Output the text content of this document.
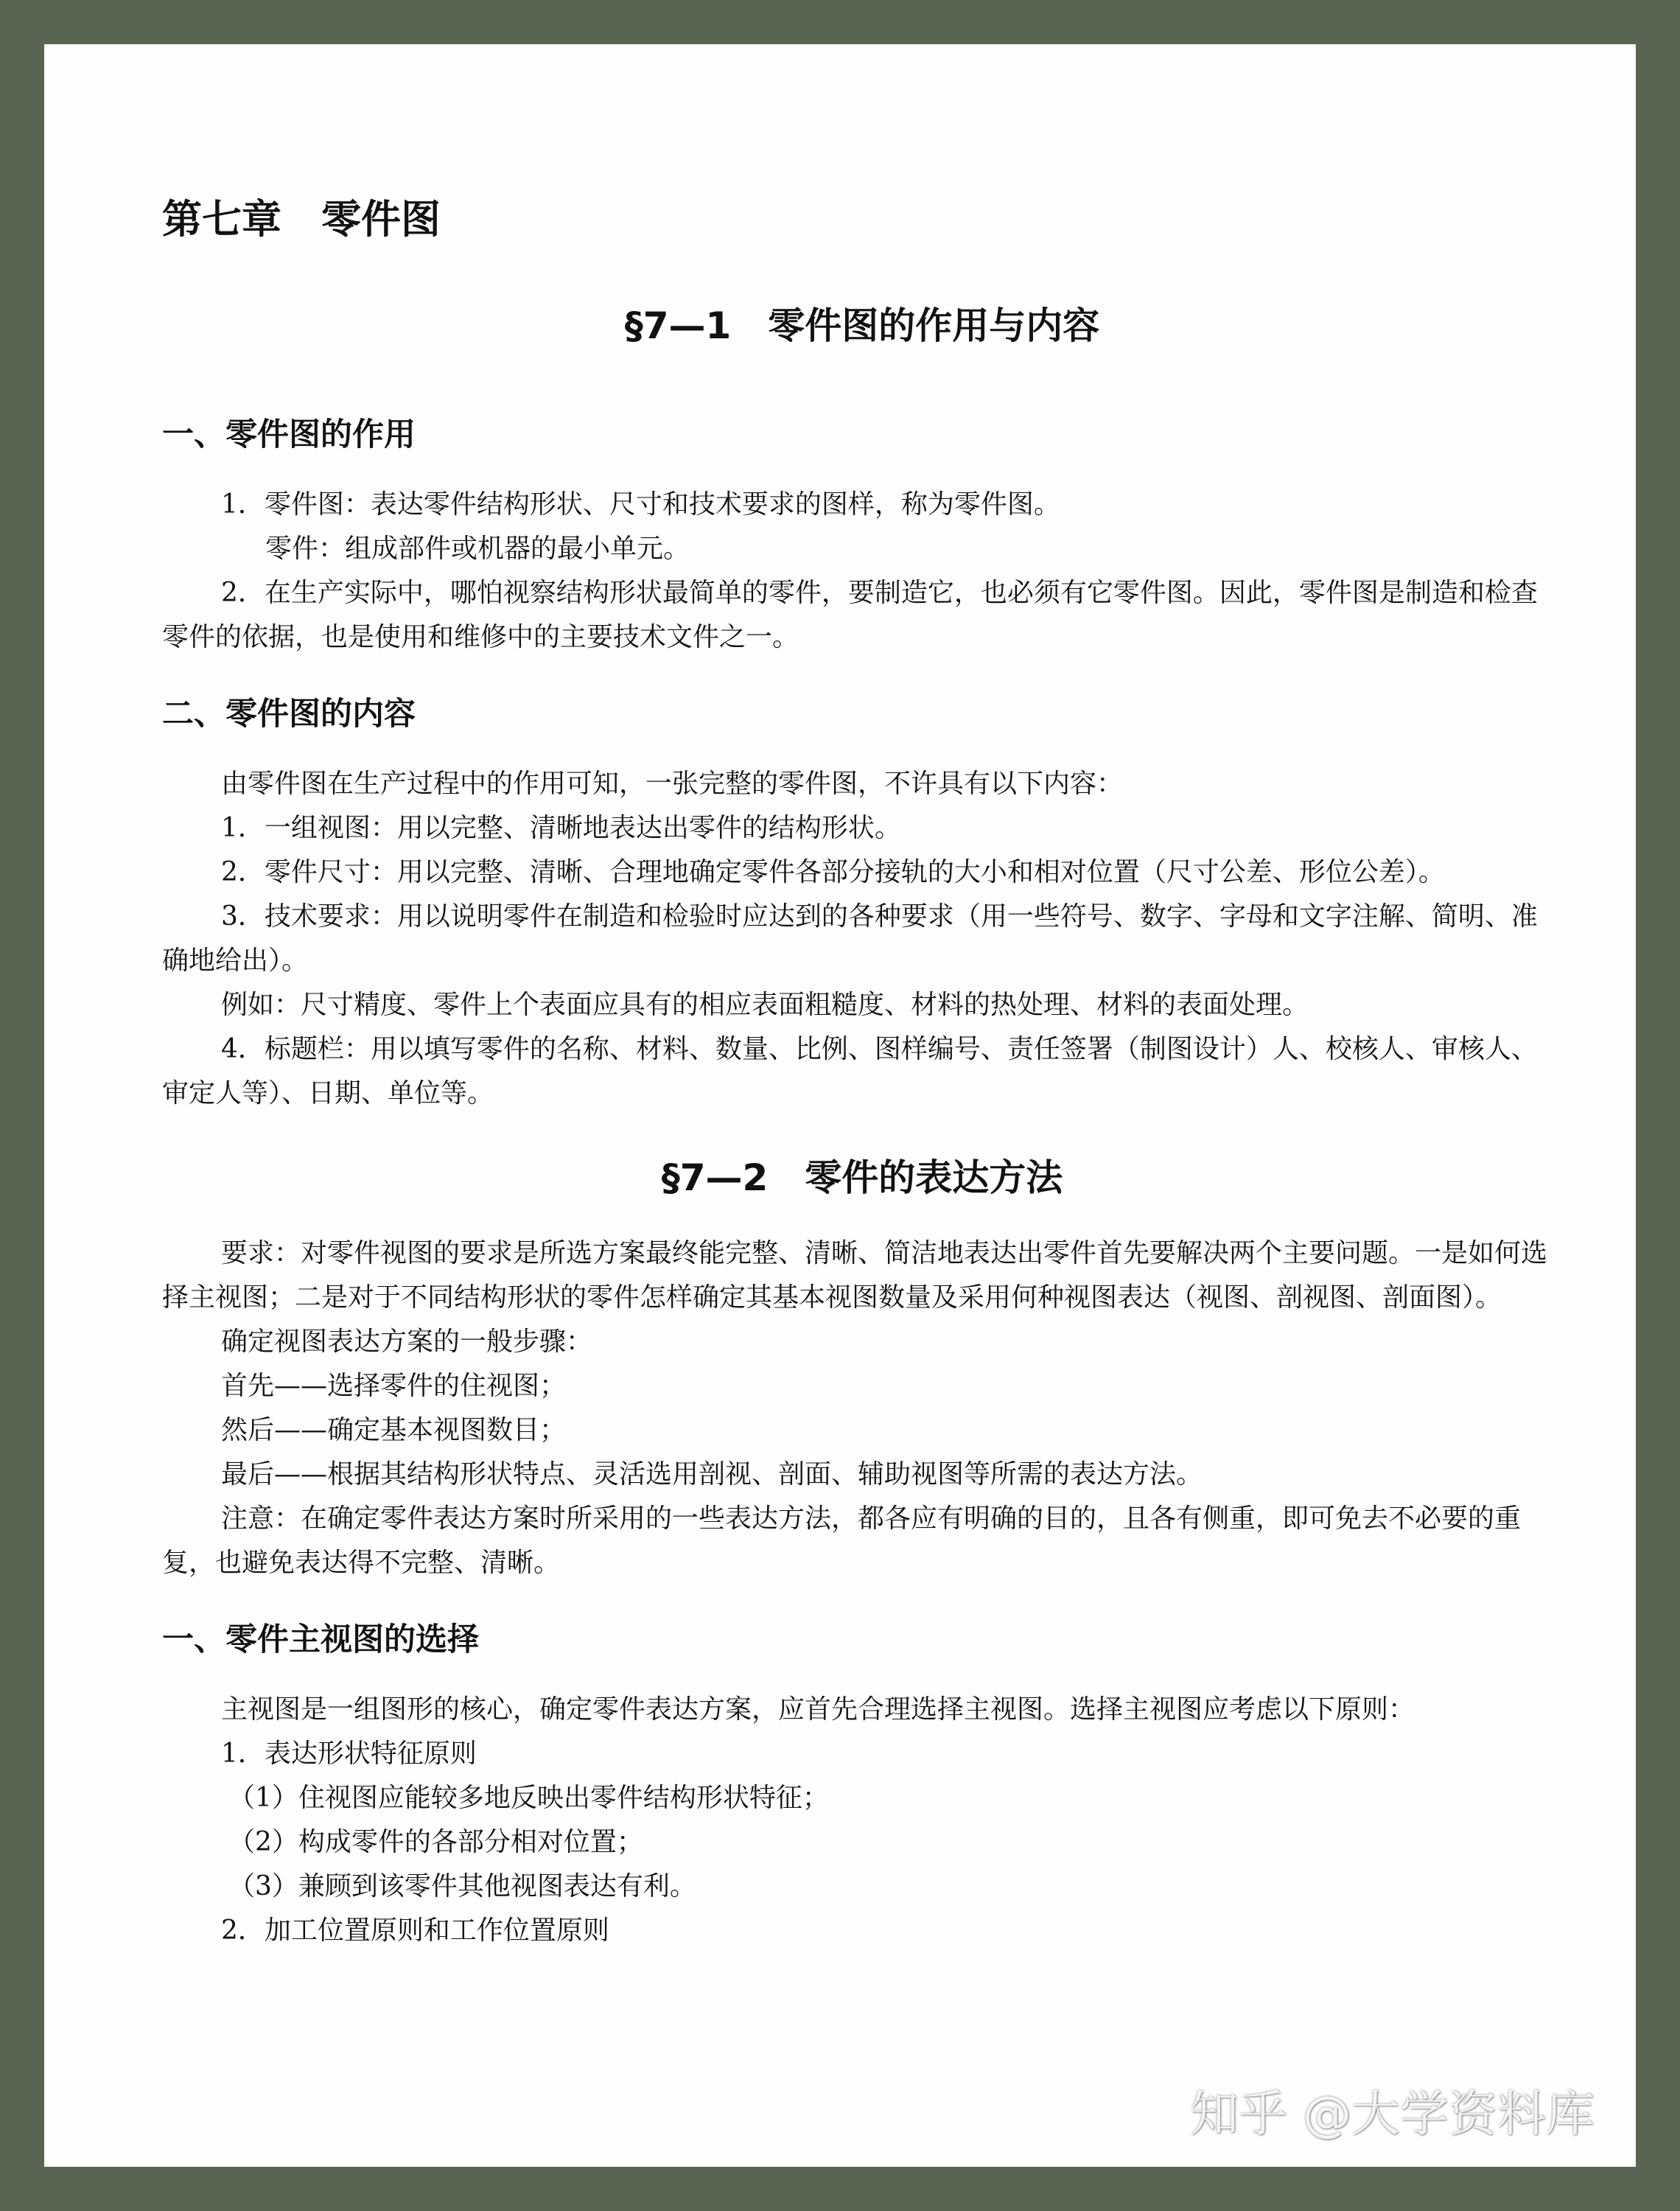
第七章　零件图
§7—1　零件图的作用与内容
一、零件图的作用

1．零件图：表达零件结构形状、尺寸和技术要求的图样，称为零件图。

零件：组成部件或机器的最小单元。

2．在生产实际中，哪怕视察结构形状最简单的零件，要制造它，也必须有它零件图。因此，零件图是制造和检查零件的依据，也是使用和维修中的主要技术文件之一。

二、零件图的内容

由零件图在生产过程中的作用可知，一张完整的零件图，不许具有以下内容：

1．一组视图：用以完整、清晰地表达出零件的结构形状。

2．零件尺寸：用以完整、清晰、合理地确定零件各部分接轨的大小和相对位置（尺寸公差、形位公差）。

3．技术要求：用以说明零件在制造和检验时应达到的各种要求（用一些符号、数字、字母和文字注解、简明、准确地给出）。

例如：尺寸精度、零件上个表面应具有的相应表面粗糙度、材料的热处理、材料的表面处理。

4．标题栏：用以填写零件的名称、材料、数量、比例、图样编号、责任签署（制图设计）人、校核人、审核人、审定人等）、日期、单位等。

§7—2　零件的表达方法

要求：对零件视图的要求是所选方案最终能完整、清晰、简洁地表达出零件首先要解决两个主要问题。一是如何选择主视图；二是对于不同结构形状的零件怎样确定其基本视图数量及采用何种视图表达（视图、剖视图、剖面图）。

确定视图表达方案的一般步骤：

首先——选择零件的住视图；

然后——确定基本视图数目；

最后——根据其结构形状特点、灵活选用剖视、剖面、辅助视图等所需的表达方法。

注意：在确定零件表达方案时所采用的一些表达方法，都各应有明确的目的，且各有侧重，即可免去不必要的重复，也避免表达得不完整、清晰。

一、零件主视图的选择

主视图是一组图形的核心，确定零件表达方案，应首先合理选择主视图。选择主视图应考虑以下原则：

1．表达形状特征原则

（1）住视图应能较多地反映出零件结构形状特征；

（2）构成零件的各部分相对位置；

（3）兼顾到该零件其他视图表达有利。

2．加工位置原则和工作位置原则

知乎 @大学资料库
